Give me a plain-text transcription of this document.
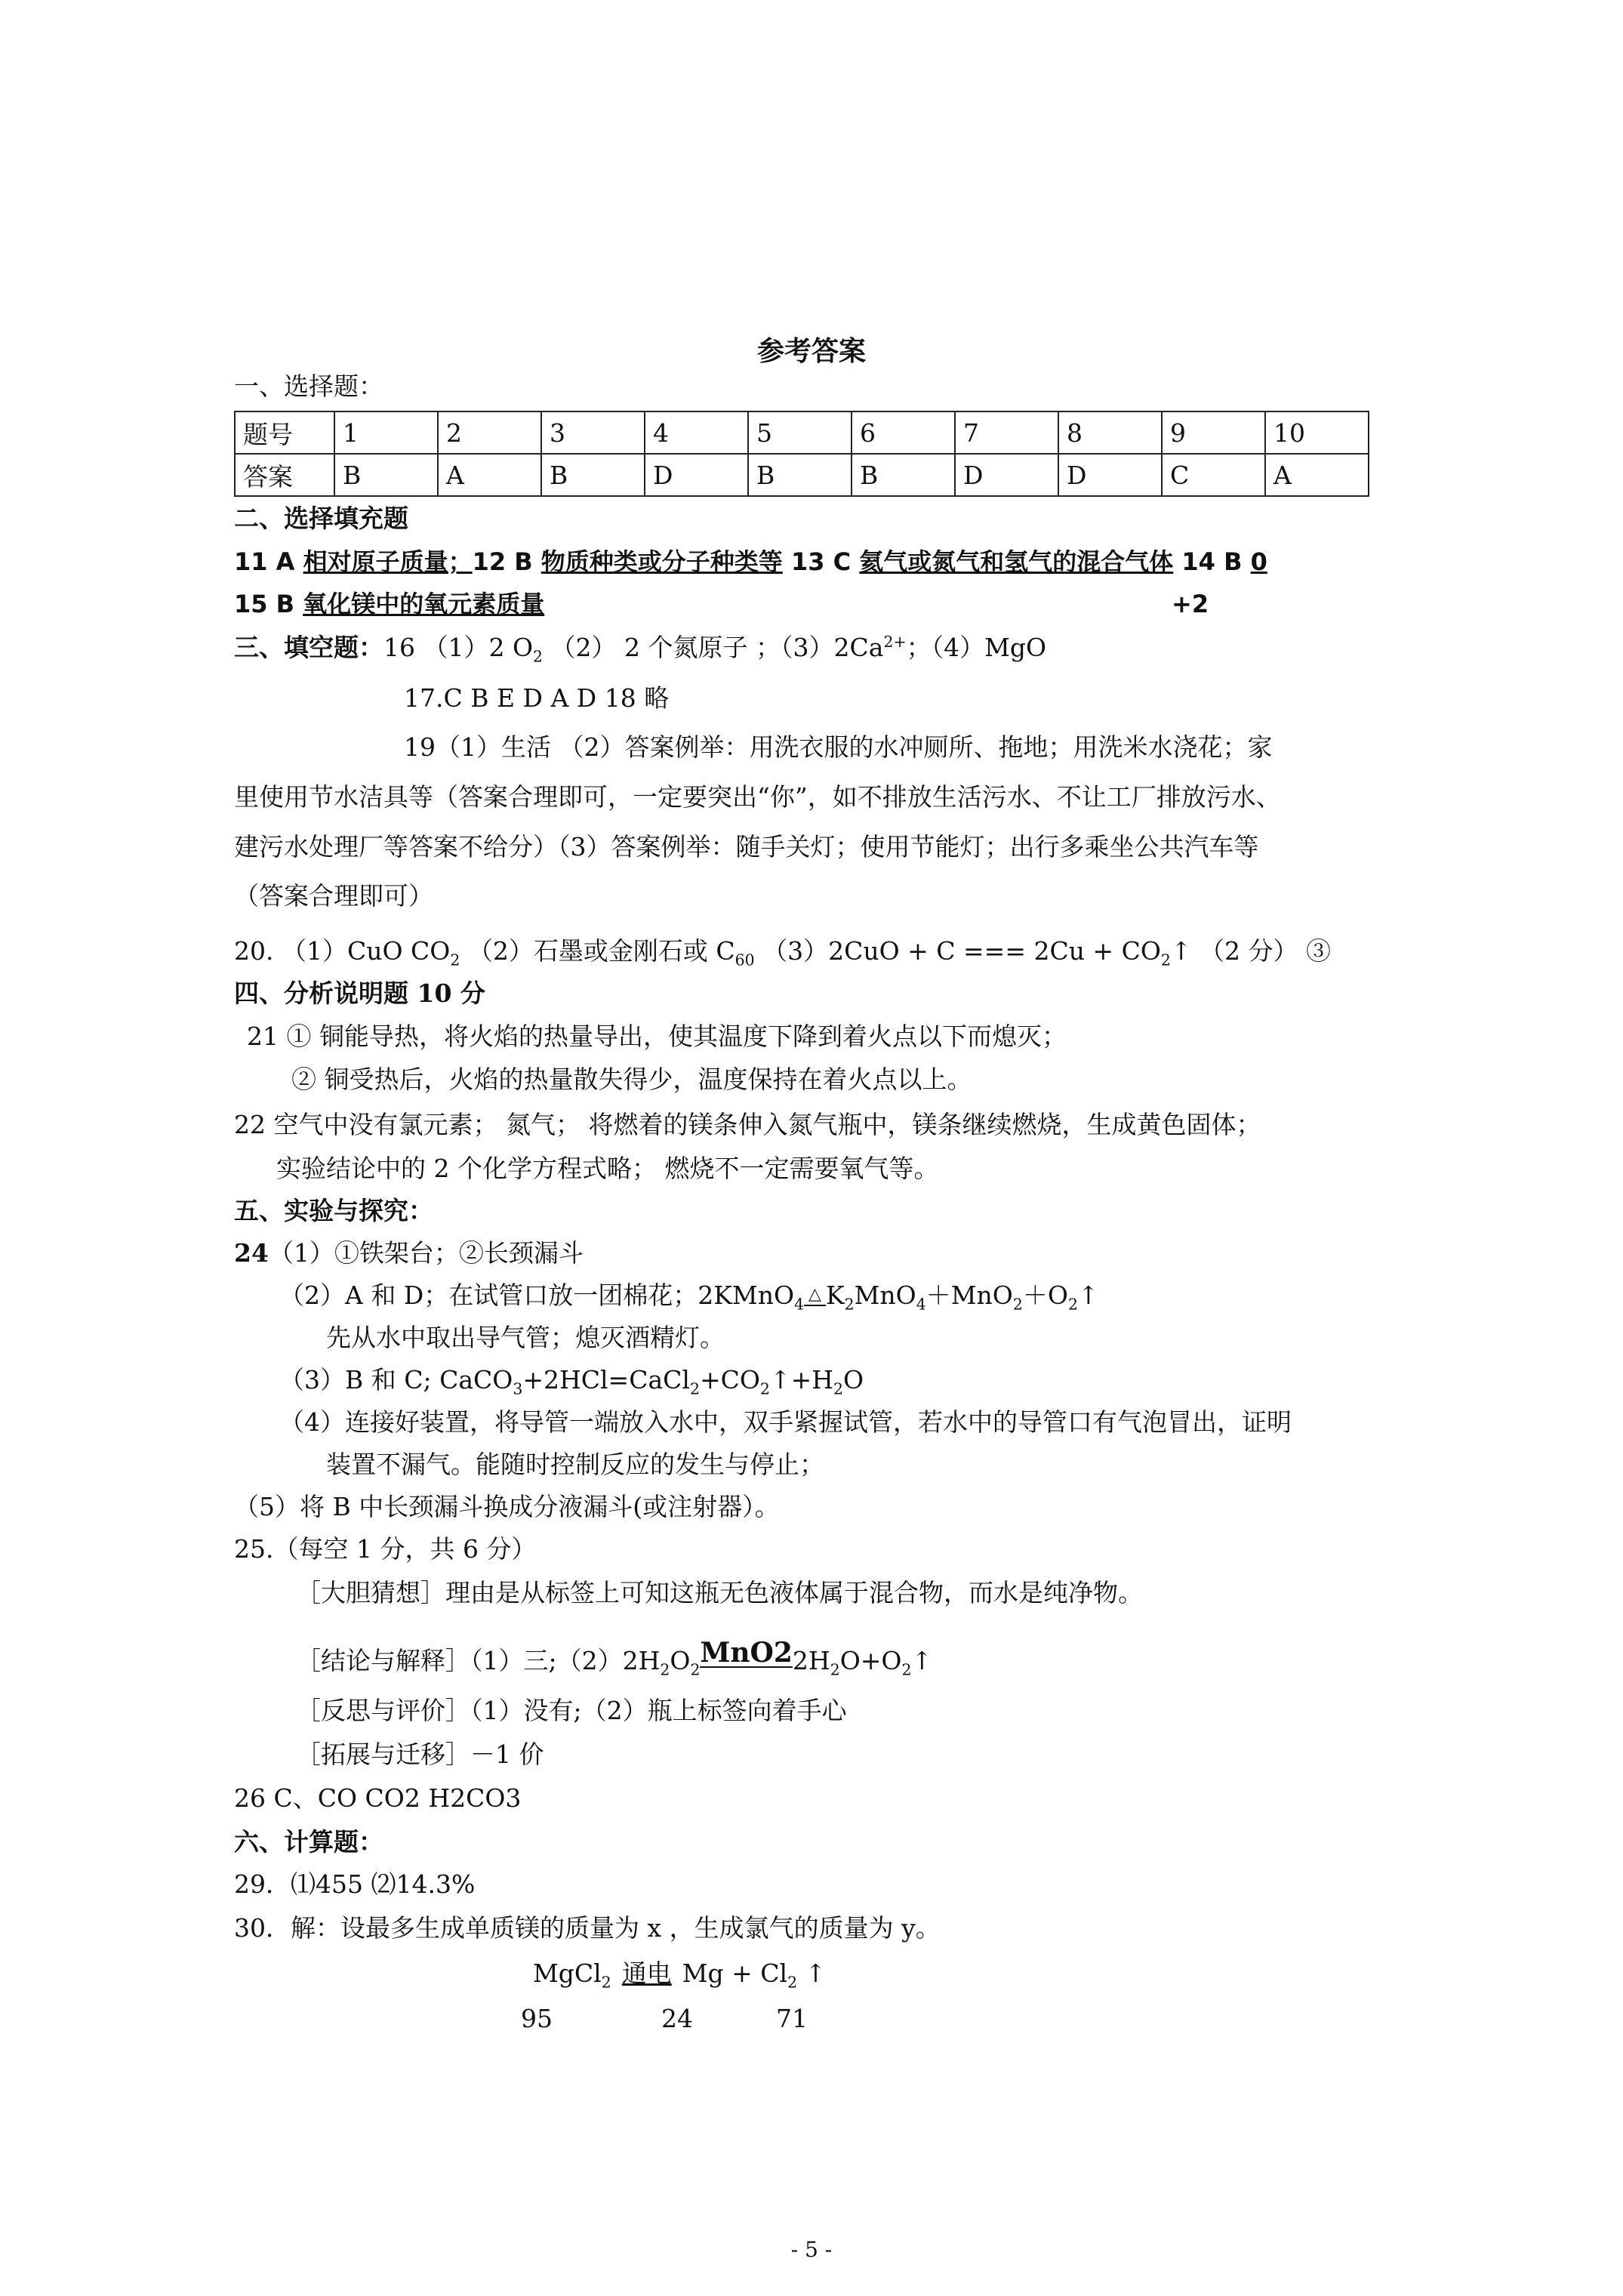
参考答案
一、选择题：
题号	1	2	3	4	5	6	7	8	9	10
答案	B	A	B	D	B	B	D	D	C	A
二、选择填充题
11 A 相对原子质量；12 B 物质种类或分子种类等 13 C 氦气或氮气和氢气的混合气体 14 B 0
15 B 氧化镁中的氧元素质量	+2
三、填空题：16 （1）2 $O_2$ （2） 2 个氮原子 ；$(3)2Ca^{2+}$；（4）MgO
17.C B E D A D 18 略
19（1）生活 （2）答案例举：用洗衣服的水冲厕所、拖地；用洗米水浇花；家
里使用节水洁具等（答案合理即可，一定要突出“你”，如不排放生活污水、不让工厂排放污水、
建污水处理厂等答案不给分）（3）答案例举：随手关灯；使用节能灯；出行多乘坐公共汽车等
（答案合理即可）
20. （1）CuO $CO_2$ （2）石墨或金刚石或 $C_{60}$ （3）2CuO + C === $2Cu + CO_2↑$ （2 分） ③
四、分析说明题 10 分
21 ① 铜能导热，将火焰的热量导出，使其温度下降到着火点以下而熄灭；
② 铜受热后，火焰的热量散失得少，温度保持在着火点以上。
22 空气中没有氯元素； 氮气； 将燃着的镁条伸入氮气瓶中，镁条继续燃烧，生成黄色固体；
实验结论中的 2 个化学方程式略； 燃烧不一定需要氧气等。
五、实验与探究：
24（1）①铁架台；②长颈漏斗
（2）A 和 D；在试管口放一团棉花；2KMnO$_4$△ $K_2MnO_4+MnO_2+O_2↑$
先从水中取出导气管；熄灭酒精灯。
（3）B 和 C; $CaCO_3+2HCl=CaCl_2+CO_2↑+H_2O$
（4）连接好装置，将导管一端放入水中，双手紧握试管，若水中的导管口有气泡冒出，证明
装置不漏气。能随时控制反应的发生与停止；
（5）将 B 中长颈漏斗换成分液漏斗(或注射器）。
25.（每空 1 分，共 6 分）
［大胆猜想］理由是从标签上可知这瓶无色液体属于混合物，而水是纯净物。
［结论与解释］（1）三$;(2)2H_2O_2MnO22H_2O+O_2↑$
［反思与评价］（1）没有;（2）瓶上标签向着手心
［拓展与迁移］－1 价
26 C、CO CO2 H2CO3
六、计算题：
29．⑴455 ⑵14.3%
30．解：设最多生成单质镁的质量为 x ，生成氯气的质量为 y。
MgCl$_2$ 通电 $Mg + Cl_2$ ↑
95	24	71
- 5 -
